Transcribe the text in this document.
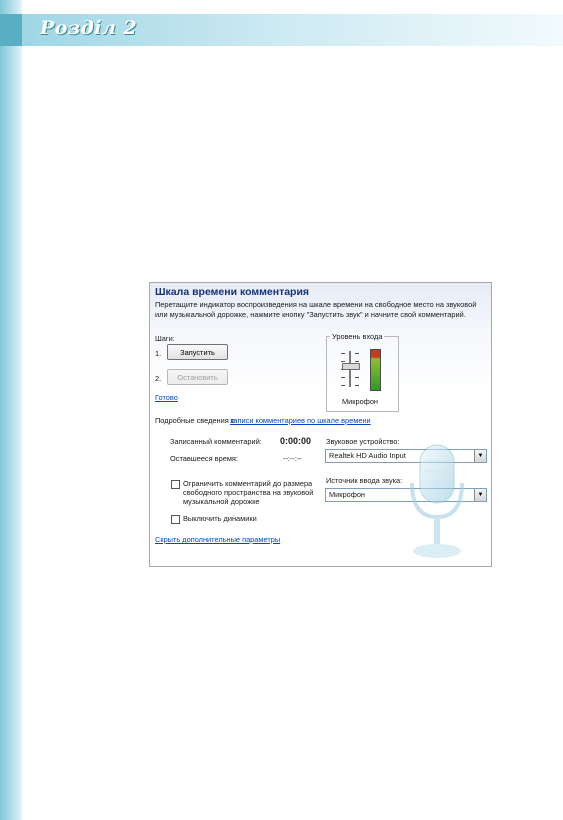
Розділ 2
Шкала времени комментария
Перетащите индикатор воспроизведения на шкале времени на свободное место на звуковой или музыкальной дорожке, нажмите кнопку "Запустить звук" и начните свой комментарий.
Шаги:
1.	Запустить
2.	Остановить
Готово	Микрофон
Уровень входа
Подробные сведения о
записи комментариев по шкале времени
Записанный комментарий: 0:00:00
Оставшееся время:	--:--:--
Звуковое устройство:
Realtek HD Audio Input	▼
Источник ввода звука:
Микрофон	▼
Ограничить комментарий до размера свободного пространства на звуковой музыкальной дорожке
Выключить динамики
Скрыть дополнительные параметры
